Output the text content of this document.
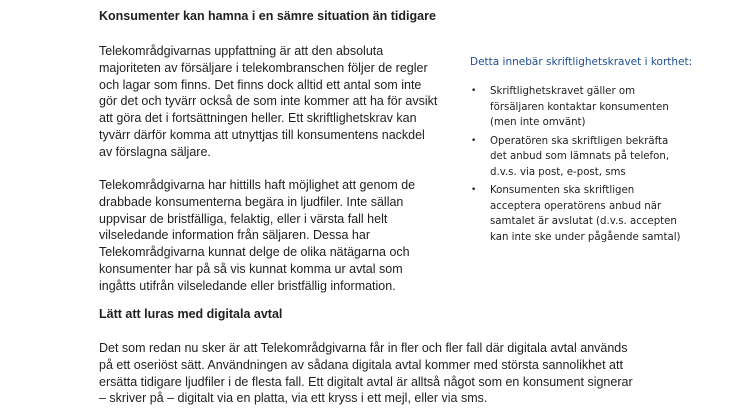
Konsumenter kan hamna i en sämre situation än tidigare

Telekområdgivarnas uppfattning är att den absoluta
majoriteten av försäljare i telekombranschen följer de regler
och lagar som finns. Det finns dock alltid ett antal som inte
gör det och tyvärr också de som inte kommer att ha för avsikt
att göra det i fortsättningen heller. Ett skriftlighetskrav kan
tyvärr därför komma att utnyttjas till konsumentens nackdel
av förslagna säljare.

Telekområdgivarna har hittills haft möjlighet att genom de
drabbade konsumenterna begära in ljudfiler. Inte sällan
uppvisar de bristfälliga, felaktig, eller i värsta fall helt
vilseledande information från säljaren. Dessa har
Telekområdgivarna kunnat delge de olika nätägarna och
konsumenter har på så vis kunnat komma ur avtal som
ingåtts utifrån vilseledande eller bristfällig information.

Detta innebär skriftlighetskravet i korthet:

• Skriftlighetskravet gäller om
försäljaren kontaktar konsumenten
(men inte omvänt)
• Operatören ska skriftligen bekräfta
det anbud som lämnats på telefon,
d.v.s. via post, e-post, sms
• Konsumenten ska skriftligen
acceptera operatörens anbud när
samtalet är avslutat (d.v.s. accepten
kan inte ske under pågående samtal)
Lätt att luras med digitala avtal

Det som redan nu sker är att Telekområdgivarna får in fler och fler fall där digitala avtal används
på ett oseriöst sätt. Användningen av sådana digitala avtal kommer med största sannolikhet att
ersätta tidigare ljudfiler i de flesta fall. Ett digitalt avtal är alltså något som en konsument signerar
– skriver på – digitalt via en platta, via ett kryss i ett mejl, eller via sms.
